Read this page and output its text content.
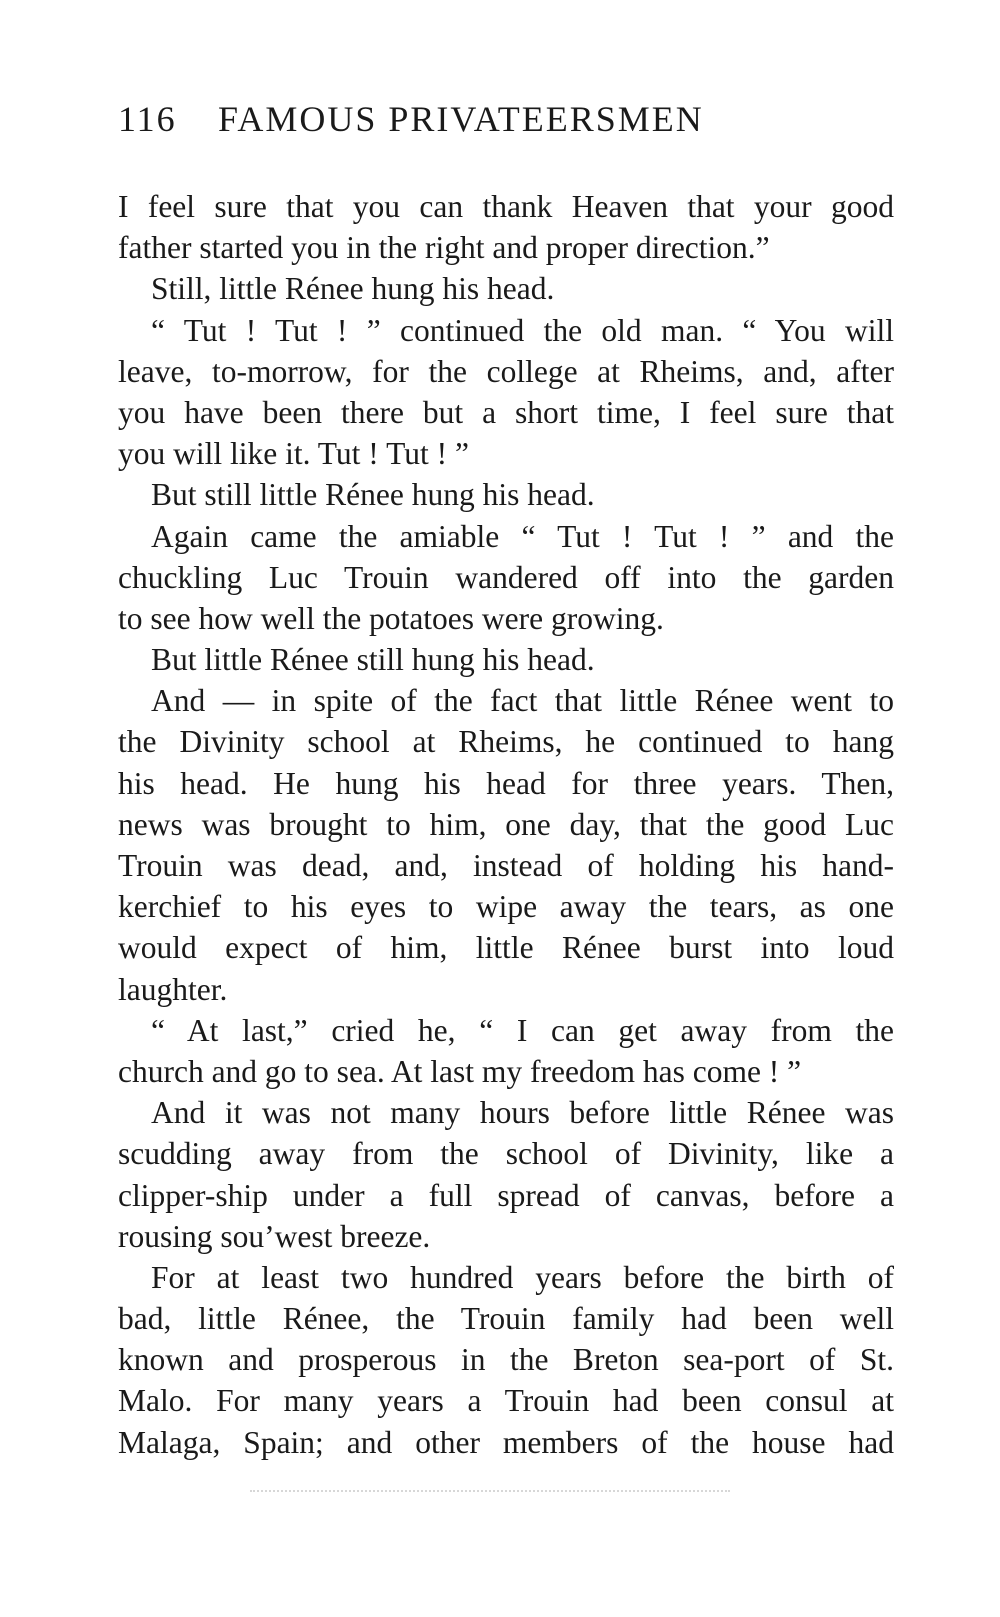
116 FAMOUS PRIVATEERSMEN
I feel sure that you can thank Heaven that your good
father started you in the right and proper direction.”
Still, little Rénee hung his head.
“ Tut ! Tut ! ” continued the old man. “ You will
leave, to-morrow, for the college at Rheims, and, after
you have been there but a short time, I feel sure that
you will like it. Tut ! Tut ! ”
But still little Rénee hung his head.
Again came the amiable “ Tut ! Tut ! ” and the
chuckling Luc Trouin wandered off into the garden
to see how well the potatoes were growing.
But little Rénee still hung his head.
And — in spite of the fact that little Rénee went to
the Divinity school at Rheims, he continued to hang
his head. He hung his head for three years. Then,
news was brought to him, one day, that the good Luc
Trouin was dead, and, instead of holding his hand-
kerchief to his eyes to wipe away the tears, as one
would expect of him, little Rénee burst into loud
laughter.
“ At last,” cried he, “ I can get away from the
church and go to sea. At last my freedom has come ! ”
And it was not many hours before little Rénee was
scudding away from the school of Divinity, like a
clipper-ship under a full spread of canvas, before a
rousing sou’west breeze.
For at least two hundred years before the birth of
bad, little Rénee, the Trouin family had been well
known and prosperous in the Breton sea-port of St.
Malo. For many years a Trouin had been consul at
Malaga, Spain; and other members of the house had
